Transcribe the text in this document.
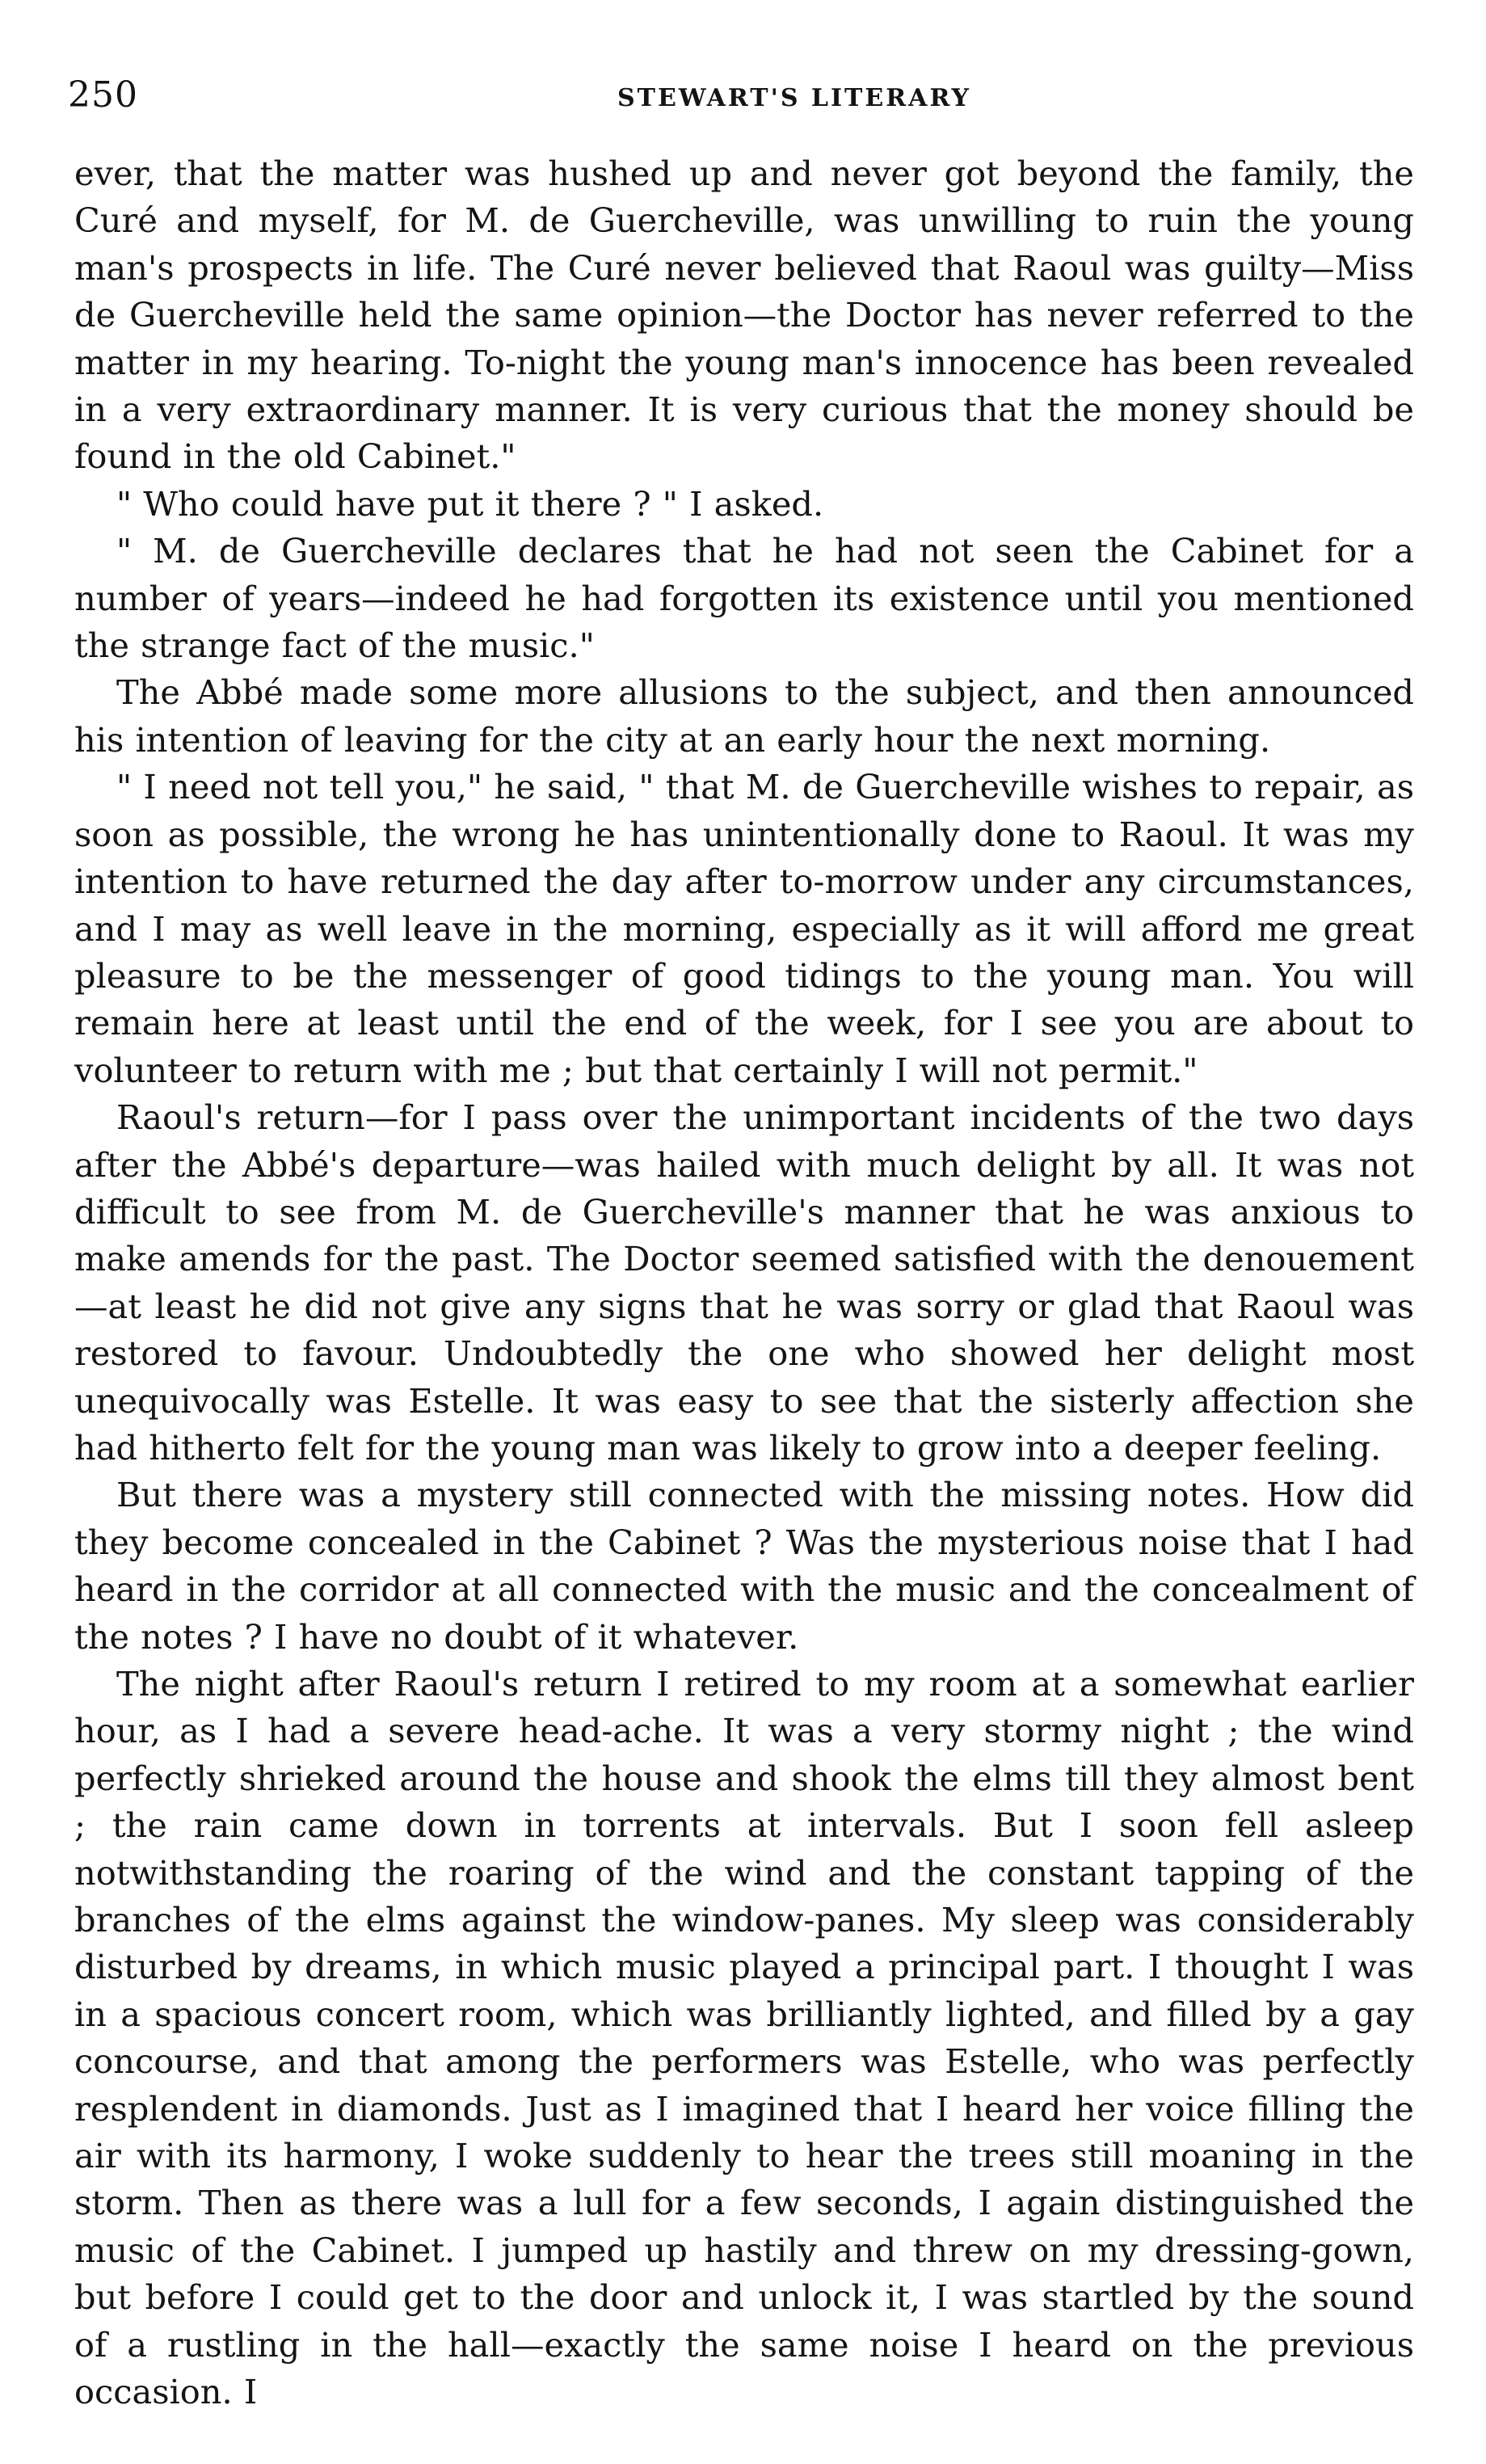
250	STEWART'S LITERARY

ever, that the matter was hushed up and never got beyond the family, the Curé and myself, for M. de Guercheville, was unwilling to ruin the young man's prospects in life. The Curé never believed that Raoul was guilty—Miss de Guercheville held the same opinion—the Doctor has never referred to the matter in my hearing. To-night the young man's innocence has been revealed in a very extraordinary manner. It is very curious that the money should be found in the old Cabinet."

" Who could have put it there ? " I asked.

" M. de Guercheville declares that he had not seen the Cabinet for a number of years—indeed he had forgotten its existence until you mentioned the strange fact of the music."

The Abbé made some more allusions to the subject, and then announced his intention of leaving for the city at an early hour the next morning.

" I need not tell you," he said, " that M. de Guercheville wishes to repair, as soon as possible, the wrong he has unintentionally done to Raoul. It was my intention to have returned the day after to-morrow under any circumstances, and I may as well leave in the morning, especially as it will afford me great pleasure to be the messenger of good tidings to the young man. You will remain here at least until the end of the week, for I see you are about to volunteer to return with me ; but that certainly I will not permit."

Raoul's return—for I pass over the unimportant incidents of the two days after the Abbé's departure—was hailed with much delight by all. It was not difficult to see from M. de Guercheville's manner that he was anxious to make amends for the past. The Doctor seemed satisfied with the denouement—at least he did not give any signs that he was sorry or glad that Raoul was restored to favour. Undoubtedly the one who showed her delight most unequivocally was Estelle. It was easy to see that the sisterly affection she had hitherto felt for the young man was likely to grow into a deeper feeling.

But there was a mystery still connected with the missing notes. How did they become concealed in the Cabinet ? Was the mysterious noise that I had heard in the corridor at all connected with the music and the concealment of the notes ? I have no doubt of it whatever.

The night after Raoul's return I retired to my room at a somewhat earlier hour, as I had a severe head-ache. It was a very stormy night ; the wind perfectly shrieked around the house and shook the elms till they almost bent ; the rain came down in torrents at intervals. But I soon fell asleep notwithstanding the roaring of the wind and the constant tapping of the branches of the elms against the window-panes. My sleep was considerably disturbed by dreams, in which music played a principal part. I thought I was in a spacious concert room, which was brilliantly lighted, and filled by a gay concourse, and that among the performers was Estelle, who was perfectly resplendent in diamonds. Just as I imagined that I heard her voice filling the air with its harmony, I woke suddenly to hear the trees still moaning in the storm. Then as there was a lull for a few seconds, I again distinguished the music of the Cabinet. I jumped up hastily and threw on my dressing-gown, but before I could get to the door and unlock it, I was startled by the sound of a rustling in the hall—exactly the same noise I heard on the previous occasion. I
